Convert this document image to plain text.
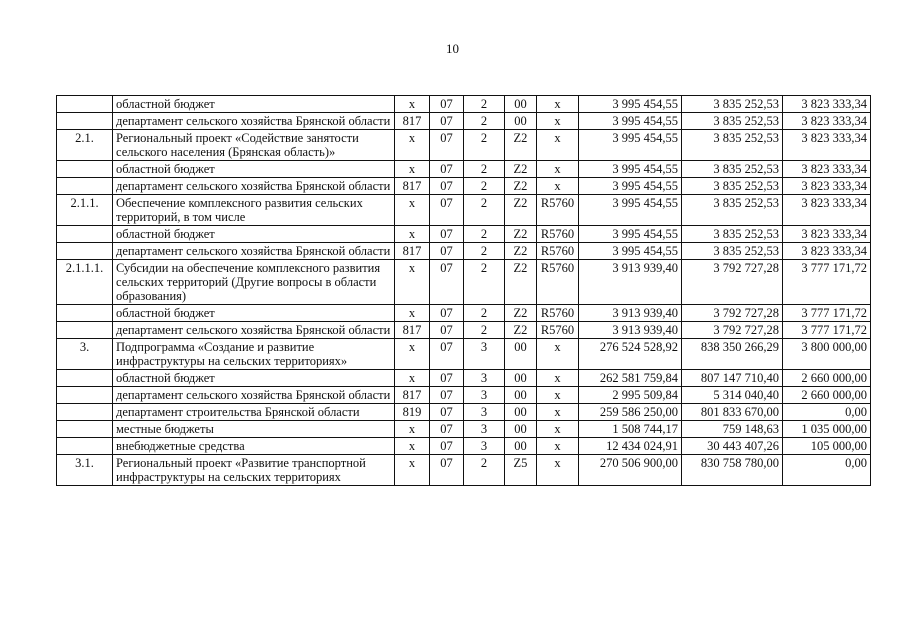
10
	областной бюджет	х	07	2	00	х	3 995 454,55	3 835 252,53	3 823 333,34
	департамент сельского хозяйства Брянской области	817	07	2	00	х	3 995 454,55	3 835 252,53	3 823 333,34
2.1.	Региональный проект «Содействие занятости сельского населения (Брянская область)»	х	07	2	Z2	х	3 995 454,55	3 835 252,53	3 823 333,34
	областной бюджет	х	07	2	Z2	х	3 995 454,55	3 835 252,53	3 823 333,34
	департамент сельского хозяйства Брянской области	817	07	2	Z2	х	3 995 454,55	3 835 252,53	3 823 333,34
2.1.1.	Обеспечение комплексного развития сельских территорий, в том числе	х	07	2	Z2	R5760	3 995 454,55	3 835 252,53	3 823 333,34
	областной бюджет	х	07	2	Z2	R5760	3 995 454,55	3 835 252,53	3 823 333,34
	департамент сельского хозяйства Брянской области	817	07	2	Z2	R5760	3 995 454,55	3 835 252,53	3 823 333,34
2.1.1.1.	Субсидии на обеспечение комплексного развития сельских территорий (Другие вопросы в области образования)	х	07	2	Z2	R5760	3 913 939,40	3 792 727,28	3 777 171,72
	областной бюджет	х	07	2	Z2	R5760	3 913 939,40	3 792 727,28	3 777 171,72
	департамент сельского хозяйства Брянской области	817	07	2	Z2	R5760	3 913 939,40	3 792 727,28	3 777 171,72
3.	Подпрограмма «Создание и развитие инфраструктуры на сельских территориях»	х	07	3	00	х	276 524 528,92	838 350 266,29	3 800 000,00
	областной бюджет	х	07	3	00	х	262 581 759,84	807 147 710,40	2 660 000,00
	департамент сельского хозяйства Брянской области	817	07	3	00	х	2 995 509,84	5 314 040,40	2 660 000,00
	департамент строительства Брянской области	819	07	3	00	х	259 586 250,00	801 833 670,00	0,00
	местные бюджеты	х	07	3	00	х	1 508 744,17	759 148,63	1 035 000,00
	внебюджетные средства	х	07	3	00	х	12 434 024,91	30 443 407,26	105 000,00
3.1.	Региональный проект «Развитие транспортной инфраструктуры на сельских территориях	х	07	2	Z5	х	270 506 900,00	830 758 780,00	0,00
